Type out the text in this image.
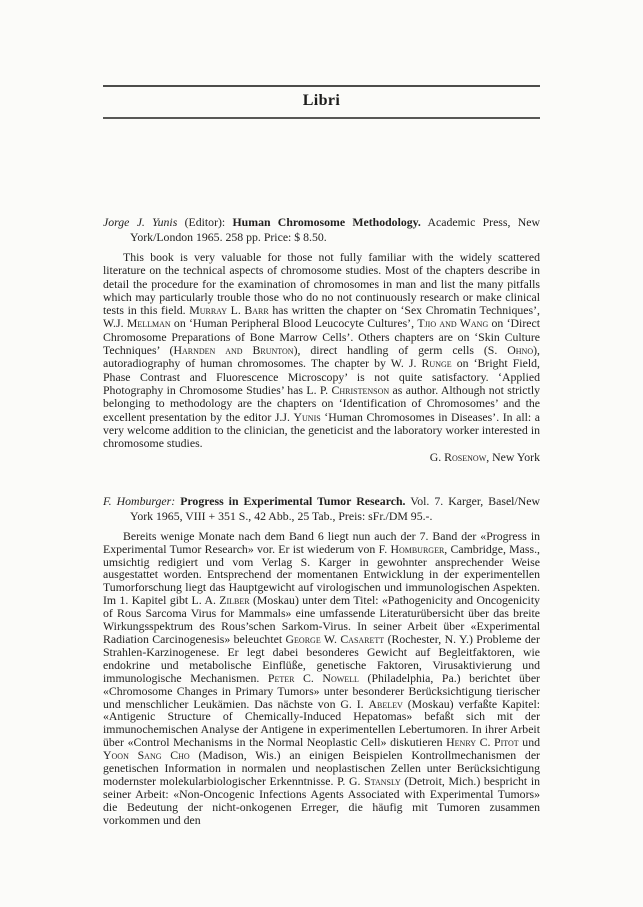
Libri

Jorge J. Yunis (Editor): Human Chromosome Methodology. Academic Press, New York/London 1965. 258 pp. Price: $ 8.50.

This book is very valuable for those not fully familiar with the widely scattered literature on the technical aspects of chromosome studies. Most of the chapters describe in detail the procedure for the examination of chromosomes in man and list the many pitfalls which may particularly trouble those who do no not continuously research or make clinical tests in this field. Murray L. Barr has written the chapter on ‘Sex Chromatin Techniques’, W.J. Mellman on ‘Human Peripheral Blood Leucocyte Cultures’, Tjio and Wang on ‘Direct Chromosome Preparations of Bone Marrow Cells’. Others chapters are on ‘Skin Culture Techniques’ (Harnden and Brunton), direct handling of germ cells (S. Ohno), autoradiography of human chromosomes. The chapter by W. J. Runge on ‘Bright Field, Phase Contrast and Fluorescence Microscopy’ is not quite satisfactory. ‘Applied Photography in Chromosome Studies’ has L. P. Christenson as author. Although not strictly belonging to methodology are the chapters on ‘Identification of Chromosomes’ and the excellent presentation by the editor J.J. Yunis ‘Human Chromosomes in Diseases’. In all: a very welcome addition to the clinician, the geneticist and the laboratory worker interested in chromosome studies.

G. Rosenow, New York

F. Homburger: Progress in Experimental Tumor Research. Vol. 7. Karger, Basel/New York 1965, VIII + 351 S., 42 Abb., 25 Tab., Preis: sFr./DM 95.-.

Bereits wenige Monate nach dem Band 6 liegt nun auch der 7. Band der «Progress in Experimental Tumor Research» vor. Er ist wiederum von F. Homburger, Cambridge, Mass., umsichtig redigiert und vom Verlag S. Karger in gewohnter ansprechender Weise ausgestattet worden. Entsprechend der momentanen Entwicklung in der experimentellen Tumorforschung liegt das Hauptgewicht auf virologischen und immunologischen Aspekten. Im 1. Kapitel gibt L. A. Zilber (Moskau) unter dem Titel: «Pathogenicity and Oncogenicity of Rous Sarcoma Virus for Mammals» eine umfassende Literaturübersicht über das breite Wirkungsspektrum des Rous’schen Sarkom-Virus. In seiner Arbeit über «Experimental Radiation Carcinogenesis» beleuchtet George W. Casarett (Rochester, N. Y.) Probleme der Strahlen-Karzinogenese. Er legt dabei besonderes Gewicht auf Begleitfaktoren, wie endokrine und metabolische Einflüße, genetische Faktoren, Virusaktivierung und immunologische Mechanismen. Peter C. Nowell (Philadelphia, Pa.) berichtet über «Chromosome Changes in Primary Tumors» unter besonderer Berücksichtigung tierischer und menschlicher Leukämien. Das nächste von G. I. Abelev (Moskau) verfaßte Kapitel: «Antigenic Structure of Chemically-Induced Hepatomas» befaßt sich mit der immunochemischen Analyse der Antigene in experimentellen Lebertumoren. In ihrer Arbeit über «Control Mechanisms in the Normal Neoplastic Cell» diskutieren Henry C. Pitot und Yoon Sang Cho (Madison, Wis.) an einigen Beispielen Kontrollmechanismen der genetischen Information in normalen und neoplastischen Zellen unter Berücksichtigung modernster molekularbiologischer Erkenntnisse. P. G. Stansly (Detroit, Mich.) bespricht in seiner Arbeit: «Non-Oncogenic Infections Agents Associated with Experimental Tumors» die Bedeutung der nicht-onkogenen Erreger, die häufig mit Tumoren zusammen vorkommen und den
